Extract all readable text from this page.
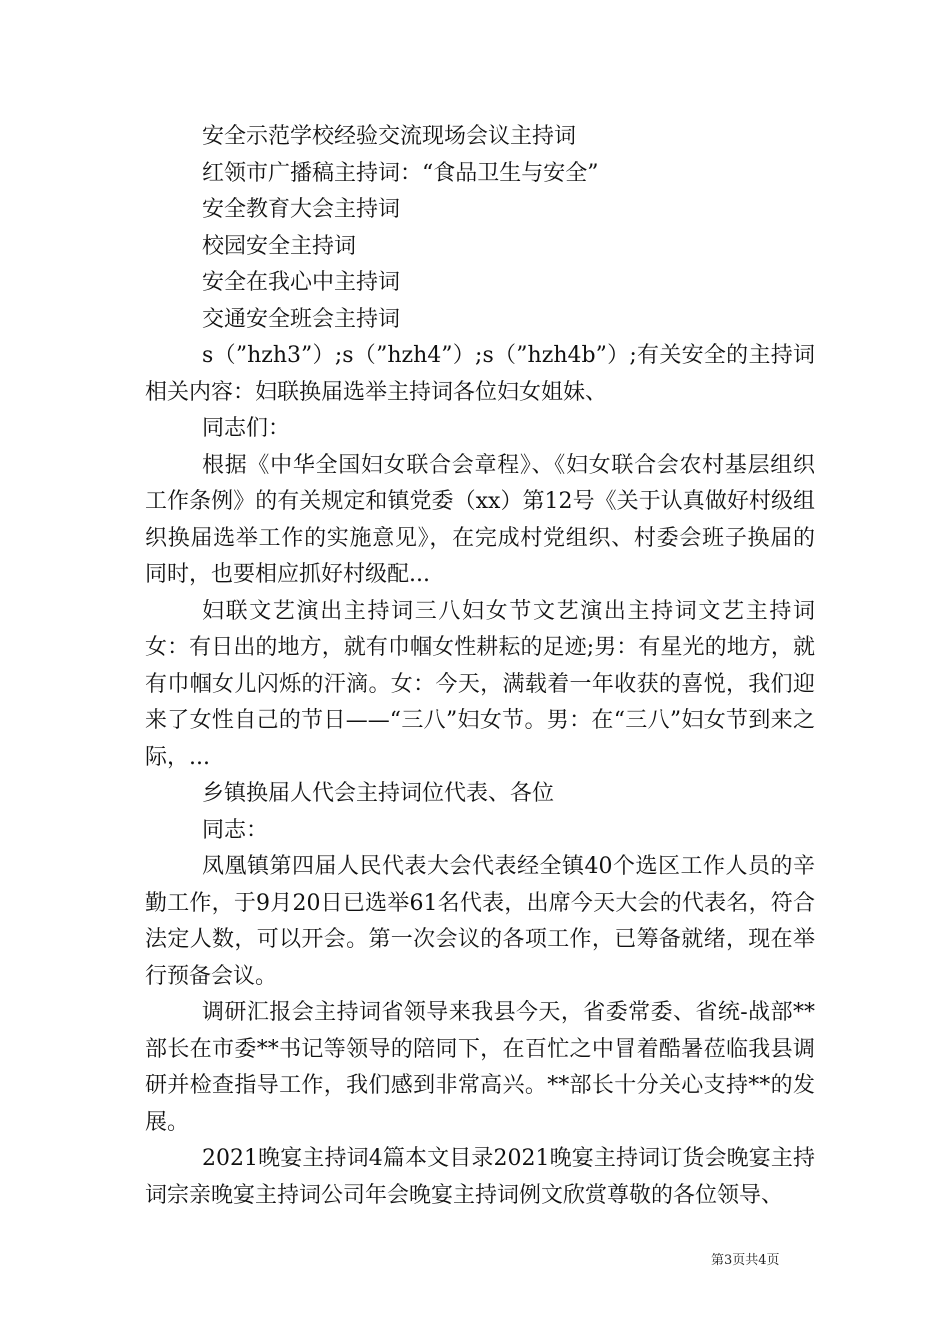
安全示范学校经验交流现场会议主持词

红领市广播稿主持词：“食品卫生与安全”

安全教育大会主持词

校园安全主持词

安全在我心中主持词

交通安全班会主持词

s（”hzh3”）;s（”hzh4”）;s（”hzh4b”）;有关安全的主持词相关内容：妇联换届选举主持词各位妇女姐妹、

同志们：

根据《中华全国妇女联合会章程》、《妇女联合会农村基层组织工作条例》的有关规定和镇党委（xx）第12号《关于认真做好村级组织换届选举工作的实施意见》，在完成村党组织、村委会班子换届的同时，也要相应抓好村级配...

妇联文艺演出主持词三八妇女节文艺演出主持词文艺主持词女：有日出的地方，就有巾帼女性耕耘的足迹;男：有星光的地方，就有巾帼女儿闪烁的汗滴。女：今天，满载着一年收获的喜悦，我们迎来了女性自己的节日——“三八”妇女节。男：在“三八”妇女节到来之际，...

乡镇换届人代会主持词位代表、各位

同志：

凤凰镇第四届人民代表大会代表经全镇40个选区工作人员的辛勤工作，于9月20日已选举61名代表，出席今天大会的代表名，符合法定人数，可以开会。第一次会议的各项工作，已筹备就绪，现在举行预备会议。

调研汇报会主持词省领导来我县今天，省委常委、省统-战部**部长在市委**书记等领导的陪同下，在百忙之中冒着酷暑莅临我县调研并检查指导工作，我们感到非常高兴。**部长十分关心支持**的发展。

2021晚宴主持词4篇本文目录2021晚宴主持词订货会晚宴主持词宗亲晚宴主持词公司年会晚宴主持词例文欣赏尊敬的各位领导、

第3页共4页
